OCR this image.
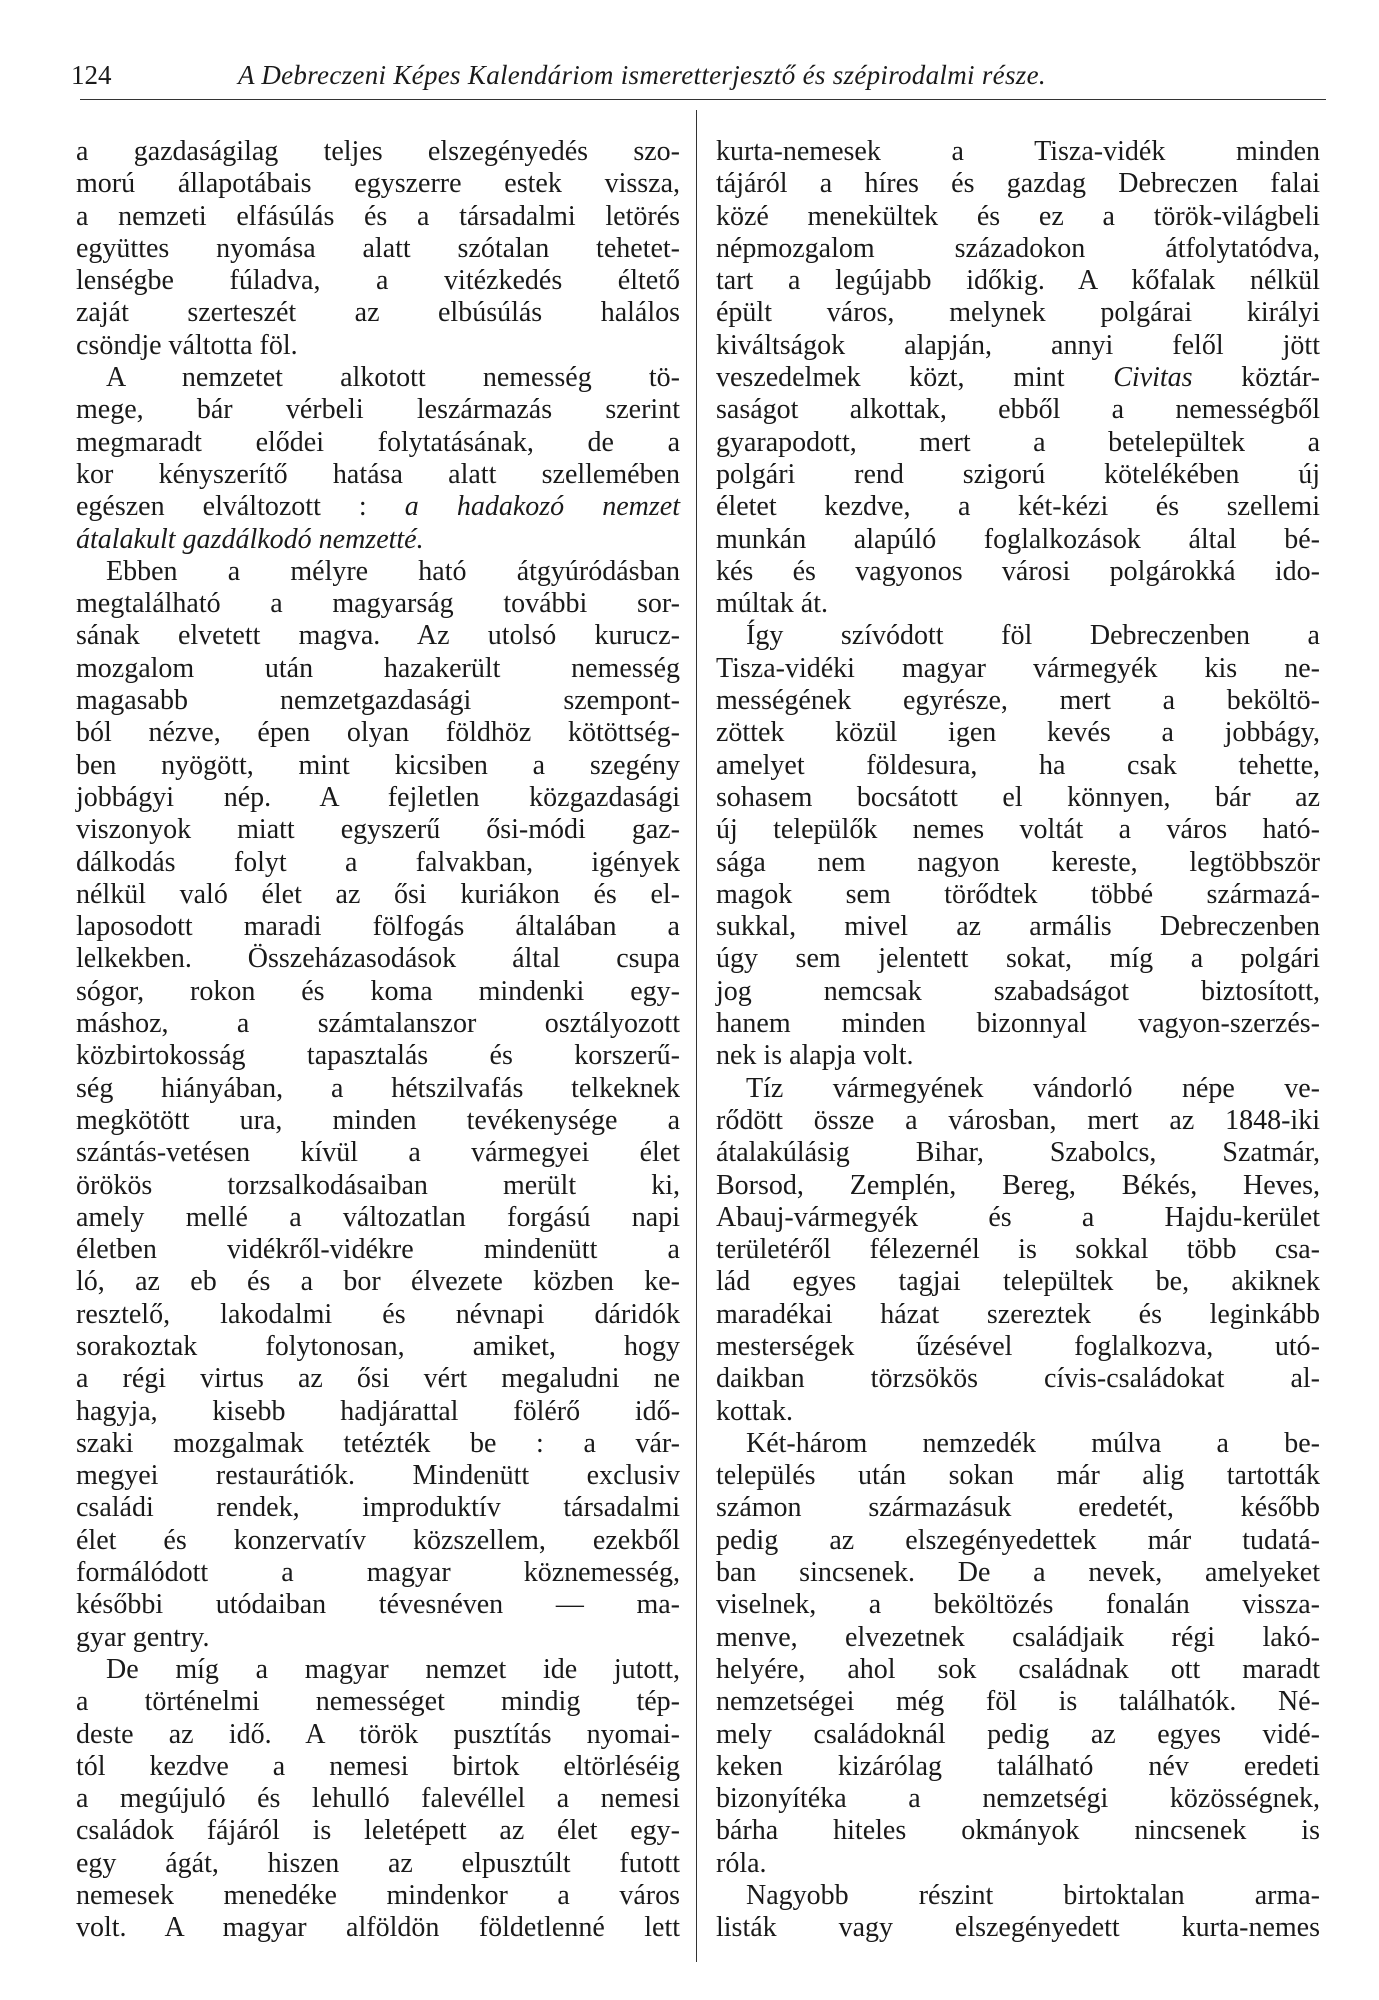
124	A Debreczeni Képes Kalendáriom ismeretterjesztő és szépirodalmi része.
a gazdaságilag teljes elszegényedés szo-
morú állapotábais egyszerre estek vissza,
a nemzeti elfásúlás és a társadalmi letörés
együttes nyomása alatt szótalan tehetet-
lenségbe fúladva, a vitézkedés éltető
zaját szerteszét az elbúsúlás halálos
csöndje váltotta föl.
A nemzetet alkotott nemesség tö-
mege, bár vérbeli leszármazás szerint
megmaradt elődei folytatásának, de a
kor kényszerítő hatása alatt szellemében
egészen elváltozott : a hadakozó nemzet
átalakult gazdálkodó nemzetté.
Ebben a mélyre ható átgyúródásban
megtalálható a magyarság további sor-
sának elvetett magva. Az utolsó kurucz-
mozgalom után hazakerült nemesség
magasabb nemzetgazdasági szempont-
ból nézve, épen olyan földhöz kötöttség-
ben nyögött, mint kicsiben a szegény
jobbágyi nép. A fejletlen közgazdasági
viszonyok miatt egyszerű ősi-módi gaz-
dálkodás folyt a falvakban, igények
nélkül való élet az ősi kuriákon és el-
laposodott maradi fölfogás általában a
lelkekben. Összeházasodások által csupa
sógor, rokon és koma mindenki egy-
máshoz, a számtalanszor osztályozott
közbirtokosság tapasztalás és korszerű-
ség hiányában, a hétszilvafás telkeknek
megkötött ura, minden tevékenysége a
szántás-vetésen kívül a vármegyei élet
örökös torzsalkodásaiban merült ki,
amely mellé a változatlan forgású napi
életben vidékről-vidékre mindenütt a
ló, az eb és a bor élvezete közben ke-
resztelő, lakodalmi és névnapi dáridók
sorakoztak folytonosan, amiket, hogy
a régi virtus az ősi vért megaludni ne
hagyja, kisebb hadjárattal fölérő idő-
szaki mozgalmak tetézték be : a vár-
megyei restaurátiók. Mindenütt exclusiv
családi rendek, improduktív társadalmi
élet és konzervatív közszellem, ezekből
formálódott a magyar köznemesség,
későbbi utódaiban tévesnéven — ma-
gyar gentry.
De míg a magyar nemzet ide jutott,
a történelmi nemességet mindig tép-
deste az idő. A török pusztítás nyomai-
tól kezdve a nemesi birtok eltörléséig
a megújuló és lehulló falevéllel a nemesi
családok fájáról is leletépett az élet egy-
egy ágát, hiszen az elpusztúlt futott
nemesek menedéke mindenkor a város
volt. A magyar alföldön földetlenné lett
kurta-nemesek a Tisza-vidék minden
tájáról a híres és gazdag Debreczen falai
közé menekültek és ez a török-világbeli
népmozgalom századokon átfolytatódva,
tart a legújabb időkig. A kőfalak nélkül
épült város, melynek polgárai királyi
kiváltságok alapján, annyi felől jött
veszedelmek közt, mint Civitas köztár-
saságot alkottak, ebből a nemességből
gyarapodott, mert a betelepültek a
polgári rend szigorú kötelékében új
életet kezdve, a két-kézi és szellemi
munkán alapúló foglalkozások által bé-
kés és vagyonos városi polgárokká ido-
múltak át.
Így szívódott föl Debreczenben a
Tisza-vidéki magyar vármegyék kis ne-
mességének egyrésze, mert a beköltö-
zöttek közül igen kevés a jobbágy,
amelyet földesura, ha csak tehette,
sohasem bocsátott el könnyen, bár az
új települők nemes voltát a város ható-
sága nem nagyon kereste, legtöbbször
magok sem törődtek többé származá-
sukkal, mivel az armális Debreczenben
úgy sem jelentett sokat, míg a polgári
jog nemcsak szabadságot biztosított,
hanem minden bizonnyal vagyon-szerzés-
nek is alapja volt.
Tíz vármegyének vándorló népe ve-
rődött össze a városban, mert az 1848-iki
átalakúlásig Bihar, Szabolcs, Szatmár,
Borsod, Zemplén, Bereg, Békés, Heves,
Abauj-vármegyék és a Hajdu-kerület
területéről félezernél is sokkal több csa-
lád egyes tagjai települtek be, akiknek
maradékai házat szereztek és leginkább
mesterségek űzésével foglalkozva, utó-
daikban törzsökös cívis-családokat al-
kottak.
Két-három nemzedék múlva a be-
település után sokan már alig tartották
számon származásuk eredetét, később
pedig az elszegényedettek már tudatá-
ban sincsenek. De a nevek, amelyeket
viselnek, a beköltözés fonalán vissza-
menve, elvezetnek családjaik régi lakó-
helyére, ahol sok családnak ott maradt
nemzetségei még föl is találhatók. Né-
mely családoknál pedig az egyes vidé-
keken kizárólag található név eredeti
bizonyítéka a nemzetségi közösségnek,
bárha hiteles okmányok nincsenek is
róla.
Nagyobb részint birtoktalan arma-
listák vagy elszegényedett kurta-nemes
